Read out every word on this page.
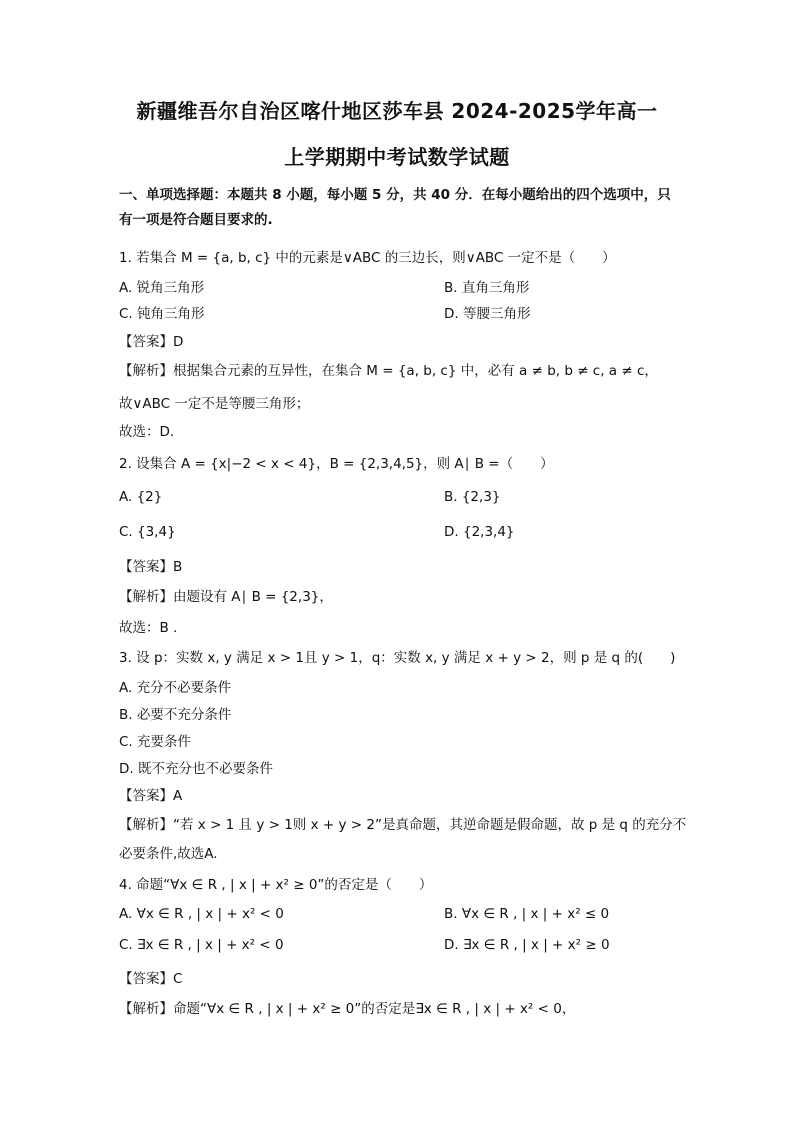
新疆维吾尔自治区喀什地区莎车县 2024-2025学年高一
上学期期中考试数学试题
一、单项选择题：本题共 8 小题，每小题 5 分，共 40 分．在每小题给出的四个选项中，只
有一项是符合题目要求的.
1. 若集合 M = {a, b, c} 中的元素是∨ABC 的三边长，则∨ABC 一定不是（　　）
A. 锐角三角形	B. 直角三角形
C. 钝角三角形	D. 等腰三角形
【答案】D
【解析】根据集合元素的互异性，在集合 M = {a, b, c} 中，必有 a ≠ b, b ≠ c, a ≠ c，
故∨ABC 一定不是等腰三角形；
故选：D.
2. 设集合 A = {x|−2 < x < 4}，B = {2,3,4,5}，则 A∣ B =（　　）
A. {2}	B. {2,3}
C. {3,4}	D. {2,3,4}
【答案】B
【解析】由题设有 A∣ B = {2,3}，
故选：B .
3. 设 p：实数 x, y 满足 x > 1且 y > 1，q：实数 x, y 满足 x + y > 2，则 p 是 q 的(　　)
A. 充分不必要条件
B. 必要不充分条件
C. 充要条件
D. 既不充分也不必要条件
【答案】A
【解析】“若 x > 1 且 y > 1则 x + y > 2”是真命题，其逆命题是假命题，故 p 是 q 的充分不
必要条件,故选A.
4. 命题“∀x ∈ R , | x | + x² ≥ 0”的否定是（　　）
A. ∀x ∈ R , | x | + x² < 0	B. ∀x ∈ R , | x | + x² ≤ 0
C. ∃x ∈ R , | x | + x² < 0	D. ∃x ∈ R , | x | + x² ≥ 0
【答案】C
【解析】命题“∀x ∈ R , | x | + x² ≥ 0”的否定是∃x ∈ R , | x | + x² < 0，
